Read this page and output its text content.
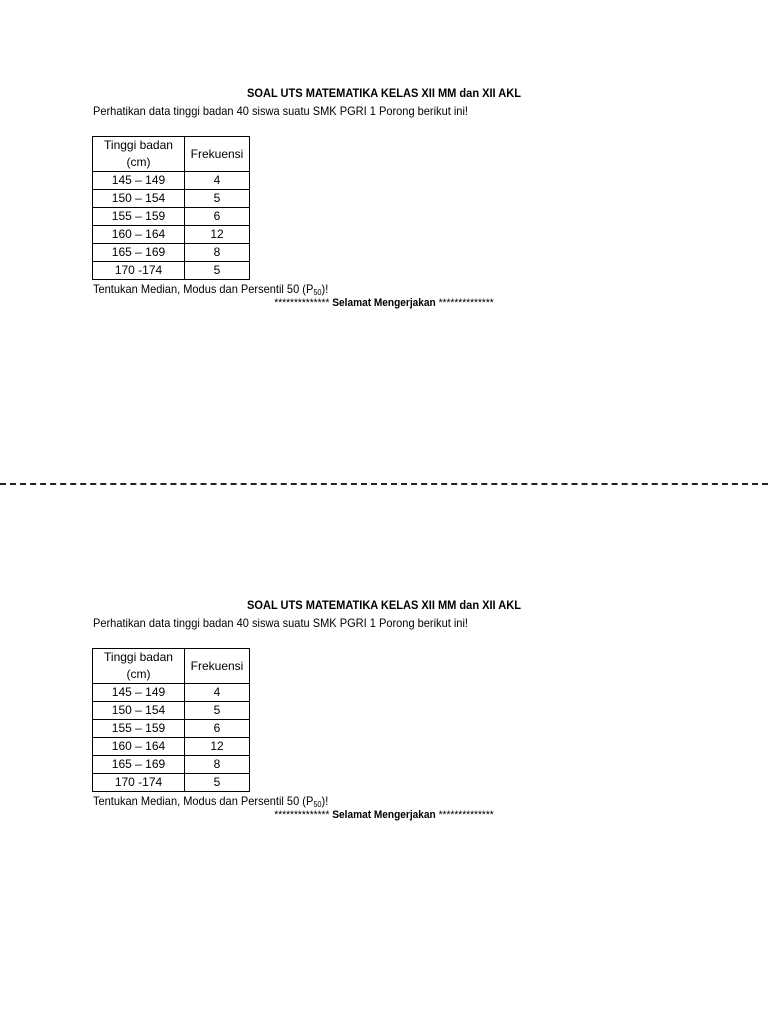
SOAL UTS MATEMATIKA KELAS XII MM dan XII AKL
Perhatikan data tinggi badan 40 siswa suatu SMK PGRI 1 Porong berikut ini!
Tinggi badan (cm)	Frekuensi
145 – 149	4
150 – 154	5
155 – 159	6
160 – 164	12
165 – 169	8
170 -174	5
Tentukan Median, Modus dan Persentil 50 $(P_{50})$!
************** Selamat Mengerjakan **************
SOAL UTS MATEMATIKA KELAS XII MM dan XII AKL
Perhatikan data tinggi badan 40 siswa suatu SMK PGRI 1 Porong berikut ini!
Tinggi badan (cm)	Frekuensi
145 – 149	4
150 – 154	5
155 – 159	6
160 – 164	12
165 – 169	8
170 -174	5
Tentukan Median, Modus dan Persentil 50 $(P_{50})$!
************** Selamat Mengerjakan **************
